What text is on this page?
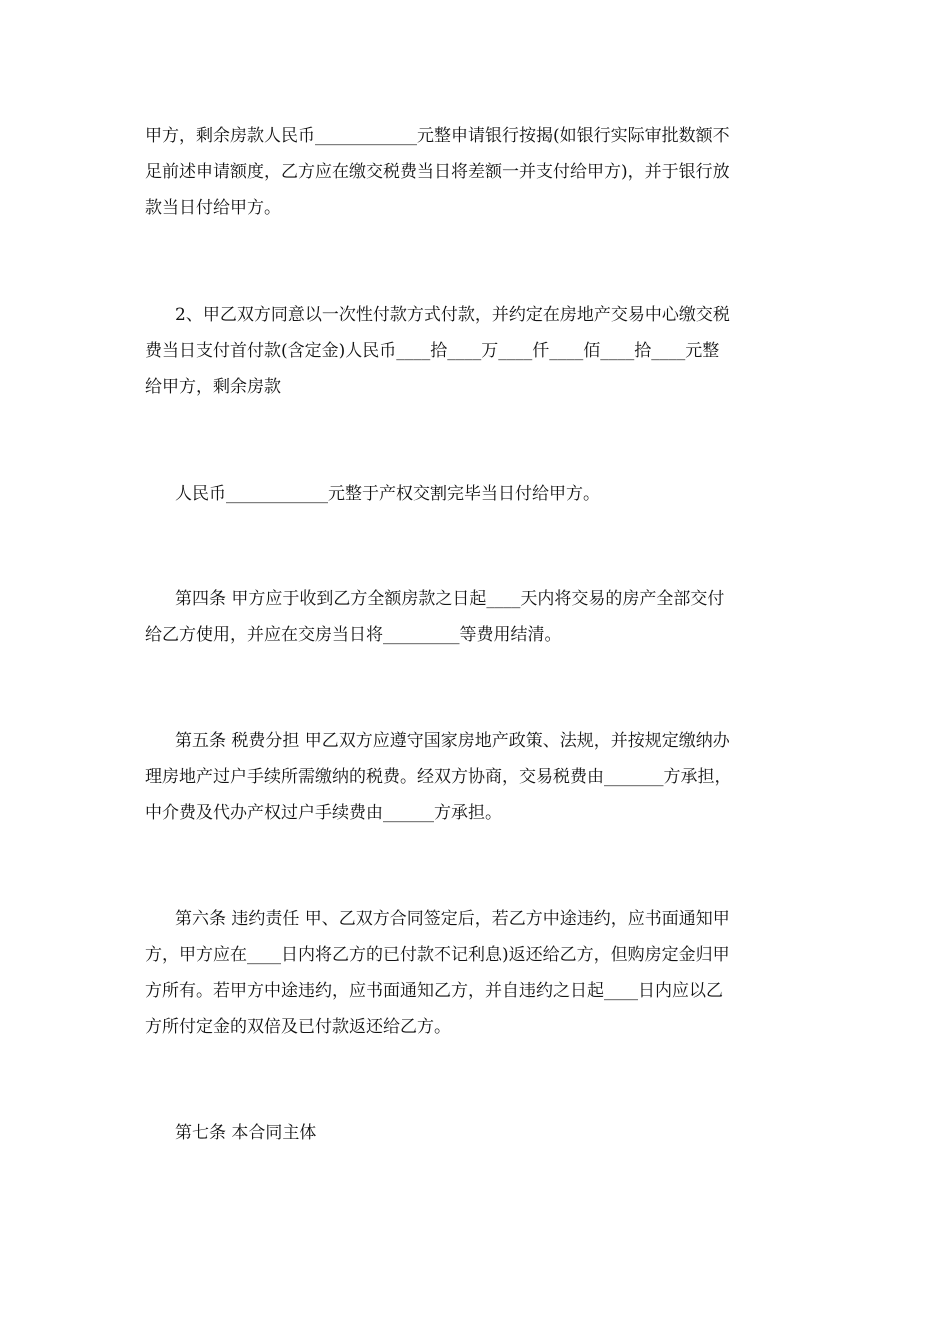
甲方，剩余房款人民币____________元整申请银行按揭(如银行实际审批数额不
足前述申请额度，乙方应在缴交税费当日将差额一并支付给甲方)，并于银行放
款当日付给甲方。
2、甲乙双方同意以一次性付款方式付款，并约定在房地产交易中心缴交税
费当日支付首付款(含定金)人民币____拾____万____仟____佰____拾____元整
给甲方，剩余房款
人民币____________元整于产权交割完毕当日付给甲方。
第四条 甲方应于收到乙方全额房款之日起____天内将交易的房产全部交付
给乙方使用，并应在交房当日将_________等费用结清。
第五条 税费分担 甲乙双方应遵守国家房地产政策、法规，并按规定缴纳办
理房地产过户手续所需缴纳的税费。经双方协商，交易税费由_______方承担，
中介费及代办产权过户手续费由______方承担。
第六条 违约责任 甲、乙双方合同签定后，若乙方中途违约，应书面通知甲
方，甲方应在____日内将乙方的已付款不记利息)返还给乙方，但购房定金归甲
方所有。若甲方中途违约，应书面通知乙方，并自违约之日起____日内应以乙
方所付定金的双倍及已付款返还给乙方。
第七条 本合同主体
